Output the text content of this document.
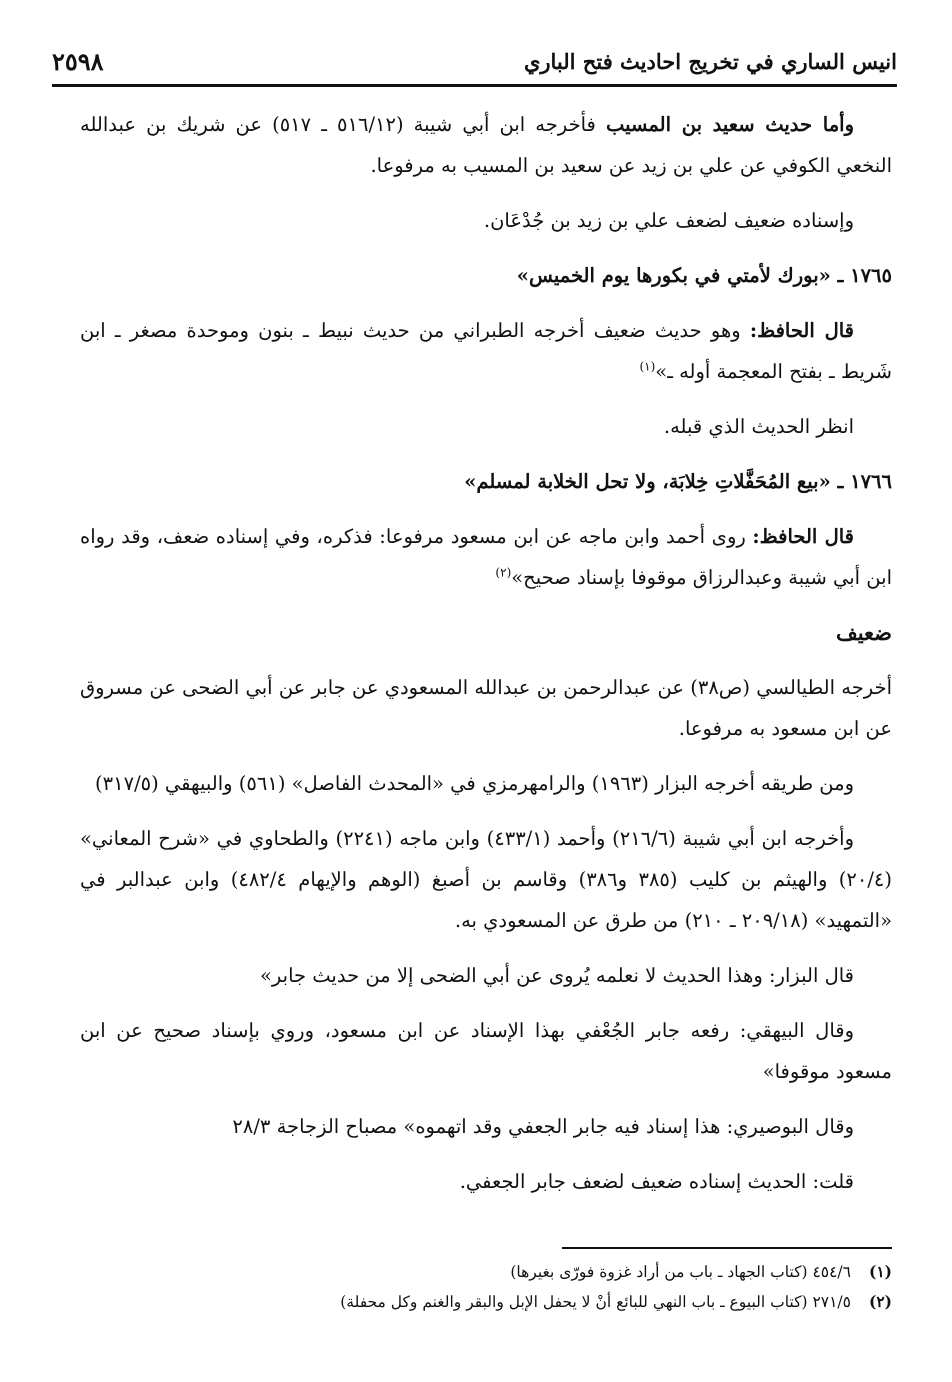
انيس الساري في تخريج احاديث فتح الباري
٢٥٩٨

وأما حديث سعيد بن المسيب فأخرجه ابن أبي شيبة (٥١٦/١٢ ـ ٥١٧) عن شريك بن عبدالله النخعي الكوفي عن علي بن زيد عن سعيد بن المسيب به مرفوعا.

وإسناده ضعيف لضعف علي بن زيد بن جُدْعَان.

١٧٦٥ ـ «بورك لأمتي في بكورها يوم الخميس»

قال الحافظ: وهو حديث ضعيف أخرجه الطبراني من حديث نبيط ـ بنون وموحدة مصغر ـ ابن شَريط ـ بفتح المعجمة أوله ـ»$^{(١)}$

انظر الحديث الذي قبله.

١٧٦٦ ـ «بيع المُحَفَّلاتِ خِلابَة، ولا تحل الخلابة لمسلم»

قال الحافظ: روى أحمد وابن ماجه عن ابن مسعود مرفوعا: فذكره، وفي إسناده ضعف، وقد رواه ابن أبي شيبة وعبدالرزاق موقوفا بإسناد صحيح»$^{(٢)}$

ضعيف

أخرجه الطيالسي (ص٣٨) عن عبدالرحمن بن عبدالله المسعودي عن جابر عن أبي الضحى عن مسروق عن ابن مسعود به مرفوعا.

ومن طريقه أخرجه البزار (١٩٦٣) والرامهرمزي في «المحدث الفاصل» (٥٦١) والبيهقي (٣١٧/٥)

وأخرجه ابن أبي شيبة (٢١٦/٦) وأحمد (٤٣٣/١) وابن ماجه (٢٢٤١) والطحاوي في «شرح المعاني» (٢٠/٤) والهيثم بن كليب (٣٨٥ و٣٨٦) وقاسم بن أصبغ (الوهم والإيهام ٤٨٢/٤) وابن عبدالبر في «التمهيد» (٢٠٩/١٨ ـ ٢١٠) من طرق عن المسعودي به.

قال البزار: وهذا الحديث لا نعلمه يُروى عن أبي الضحى إلا من حديث جابر»

وقال البيهقي: رفعه جابر الجُعْفي بهذا الإسناد عن ابن مسعود، وروي بإسناد صحيح عن ابن مسعود موقوفا»

وقال البوصيري: هذا إسناد فيه جابر الجعفي وقد اتهموه» مصباح الزجاجة ٢٨/٣

قلت: الحديث إسناده ضعيف لضعف جابر الجعفي.

(١)
٤٥٤/٦ (كتاب الجهاد ـ باب من أراد غزوة فورّى بغيرها)
(٢)
٢٧١/٥ (كتاب البيوع ـ باب النهي للبائع أنْ لا يحفل الإبل والبقر والغنم وكل محفلة)
